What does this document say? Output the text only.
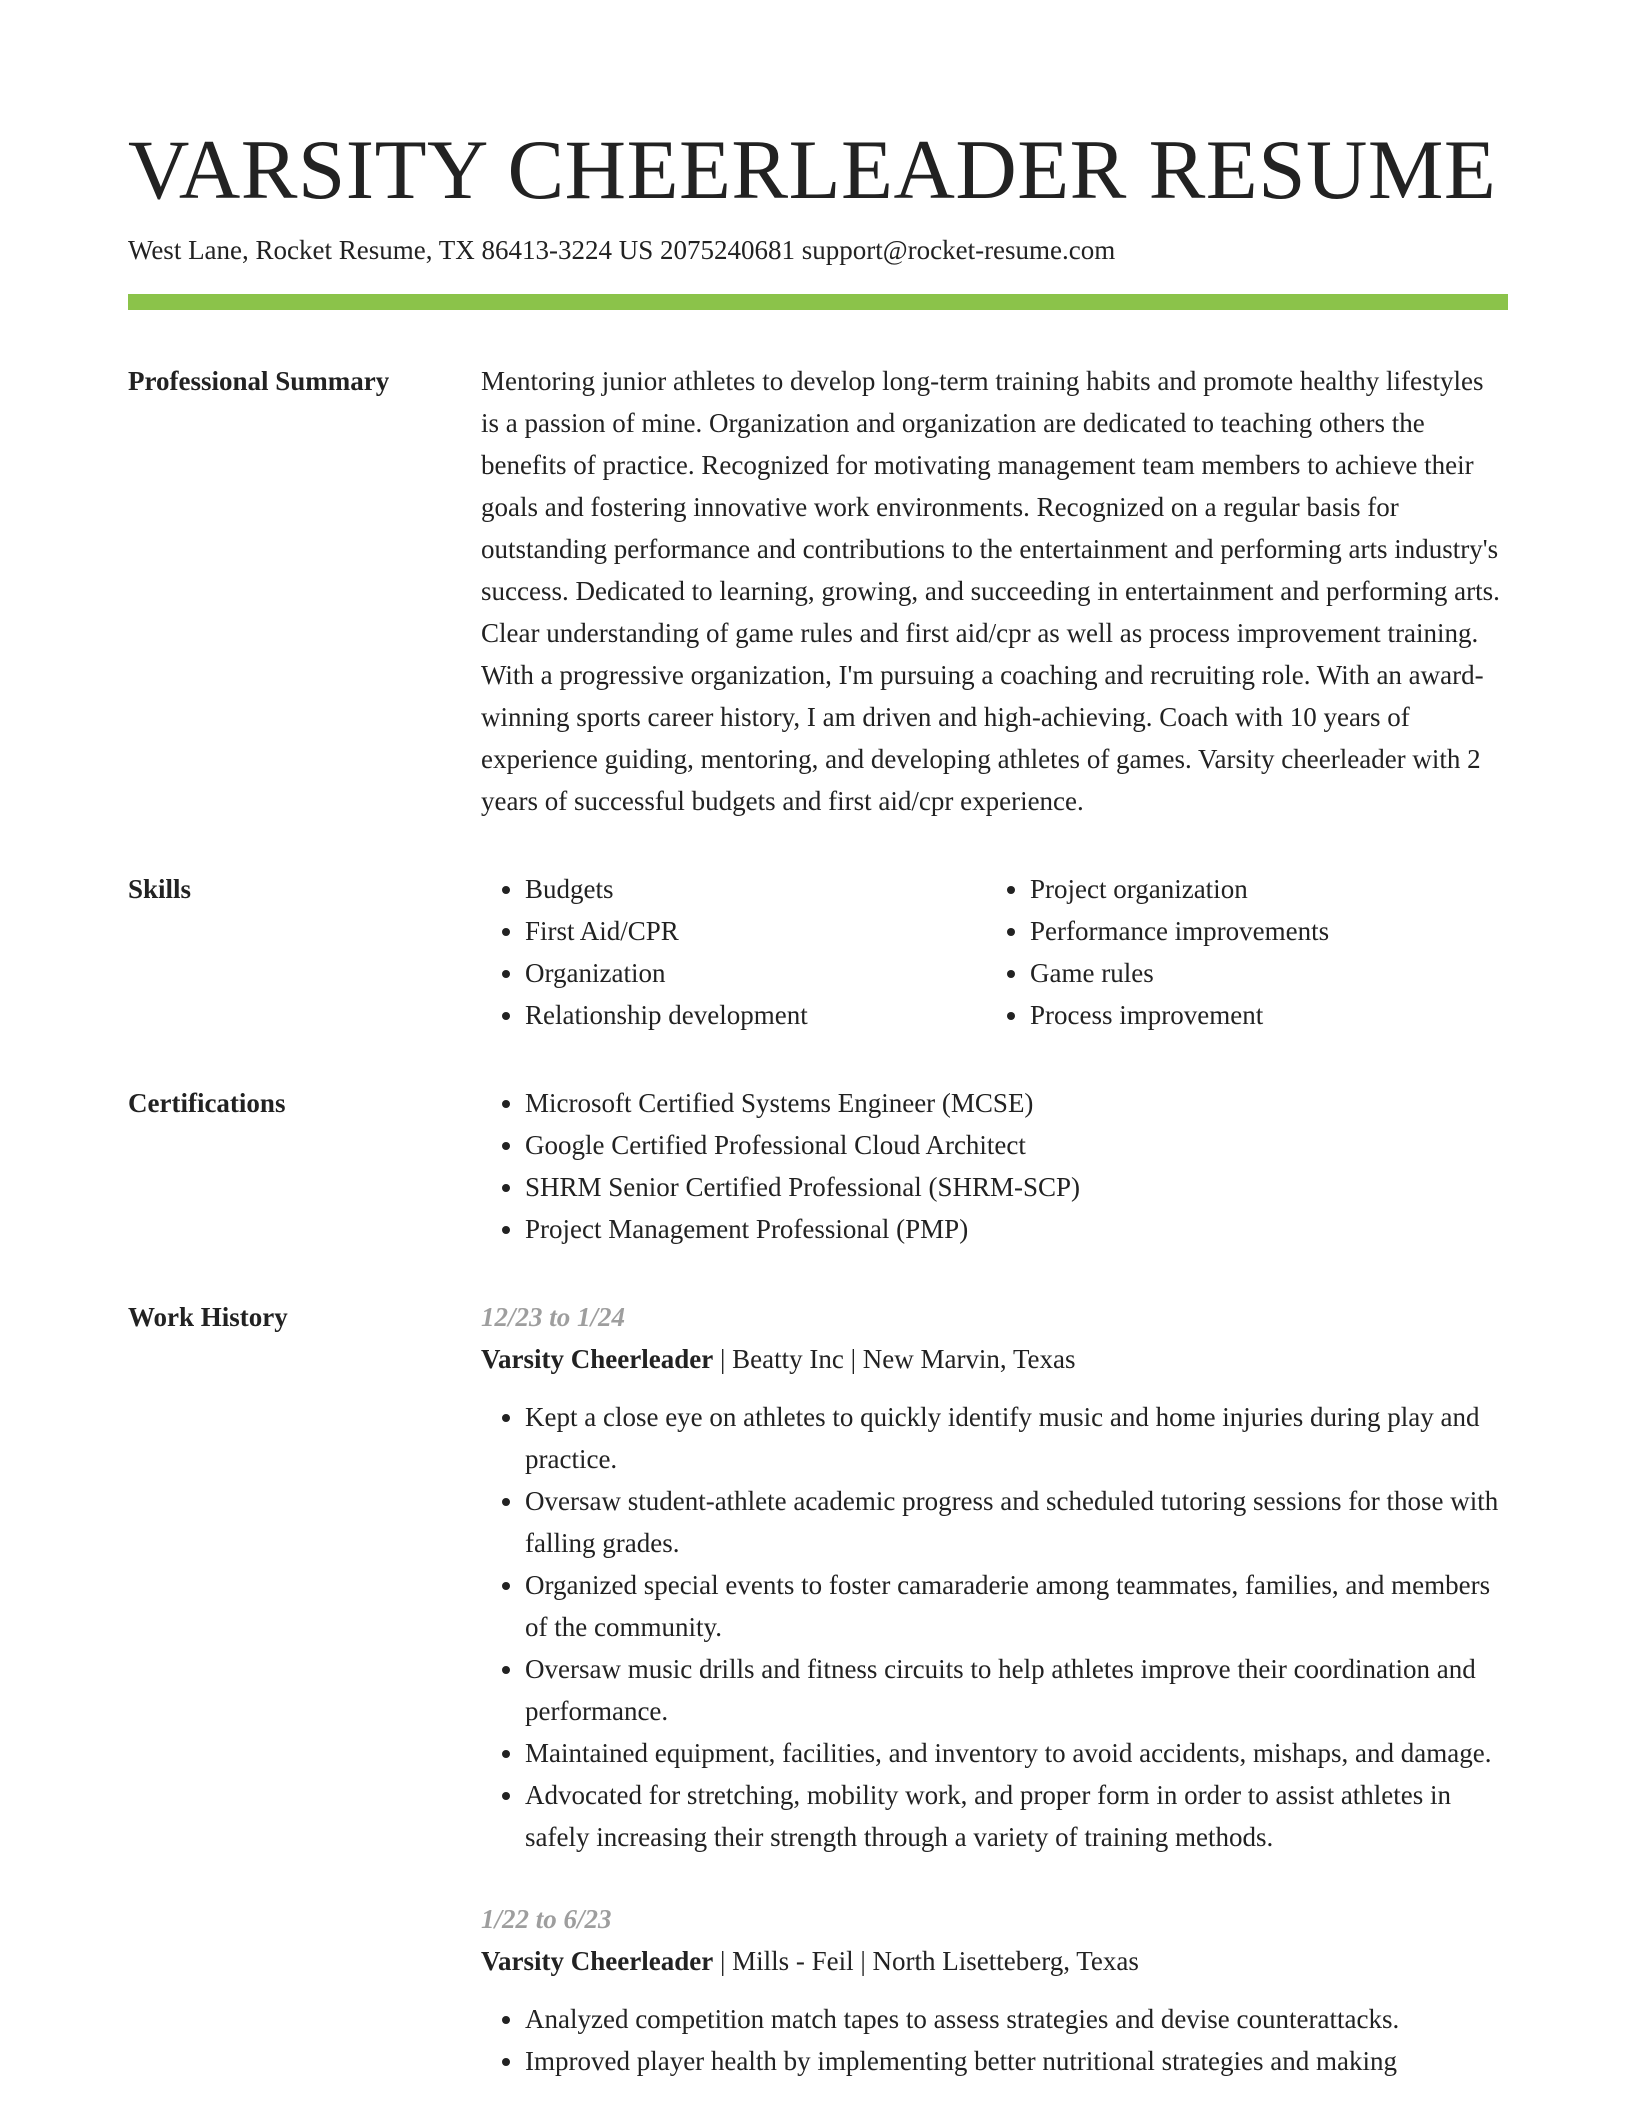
VARSITY CHEERLEADER RESUME
West Lane, Rocket Resume, TX 86413-3224 US 2075240681 support@rocket-resume.com
Professional Summary	Mentoring junior athletes to develop long-term training habits and promote healthy lifestyles is a passion of mine. Organization and organization are dedicated to teaching others the benefits of practice. Recognized for motivating management team members to achieve their goals and fostering innovative work environments. Recognized on a regular basis for outstanding performance and contributions to the entertainment and performing arts industry's success. Dedicated to learning, growing, and succeeding in entertainment and performing arts. Clear understanding of game rules and first aid/cpr as well as process improvement training. With a progressive organization, I'm pursuing a coaching and recruiting role. With an award-winning sports career history, I am driven and high-achieving. Coach with 10 years of experience guiding, mentoring, and developing athletes of games. Varsity cheerleader with 2 years of successful budgets and first aid/cpr experience.

Skills	• Budgets
• First Aid/CPR
• Organization
• Relationship development
• Project organization
• Performance improvements
• Game rules
• Process improvement
Certifications	• Microsoft Certified Systems Engineer (MCSE)
• Google Certified Professional Cloud Architect
• SHRM Senior Certified Professional (SHRM-SCP)
• Project Management Professional (PMP)
Work History	12/23 to 1/24
Varsity Cheerleader | Beatty Inc | New Marvin, Texas
• Kept a close eye on athletes to quickly identify music and home injuries during play and practice.
• Oversaw student-athlete academic progress and scheduled tutoring sessions for those with falling grades.
• Organized special events to foster camaraderie among teammates, families, and members of the community.
• Oversaw music drills and fitness circuits to help athletes improve their coordination and performance.
• Maintained equipment, facilities, and inventory to avoid accidents, mishaps, and damage.
• Advocated for stretching, mobility work, and proper form in order to assist athletes in safely increasing their strength through a variety of training methods.
1/22 to 6/23
Varsity Cheerleader | Mills - Feil | North Lisetteberg, Texas
• Analyzed competition match tapes to assess strategies and devise counterattacks.
• Improved player health by implementing better nutritional strategies and making
